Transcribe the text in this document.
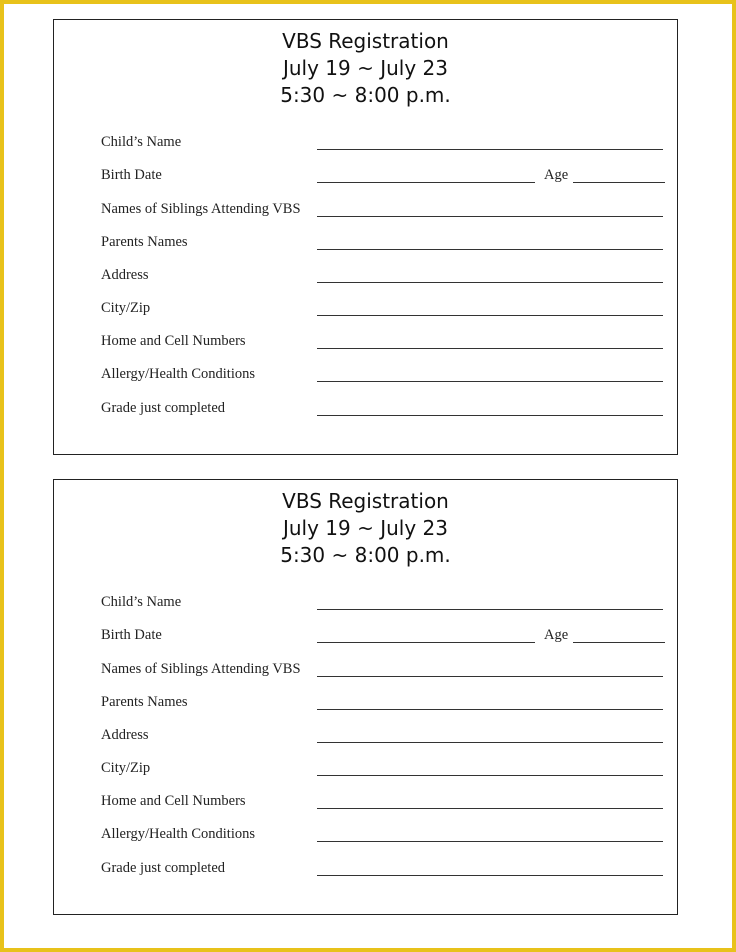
VBS Registration
July 19 ~ July 23
5:30 ~ 8:00 p.m.
Child’s Name
Birth Date	Age
Names of Siblings Attending VBS
Parents Names
Address
City/Zip
Home and Cell Numbers
Allergy/Health Conditions
Grade just completed
VBS Registration
July 19 ~ July 23
5:30 ~ 8:00 p.m.
Child’s Name
Birth Date	Age
Names of Siblings Attending VBS
Parents Names
Address
City/Zip
Home and Cell Numbers
Allergy/Health Conditions
Grade just completed
